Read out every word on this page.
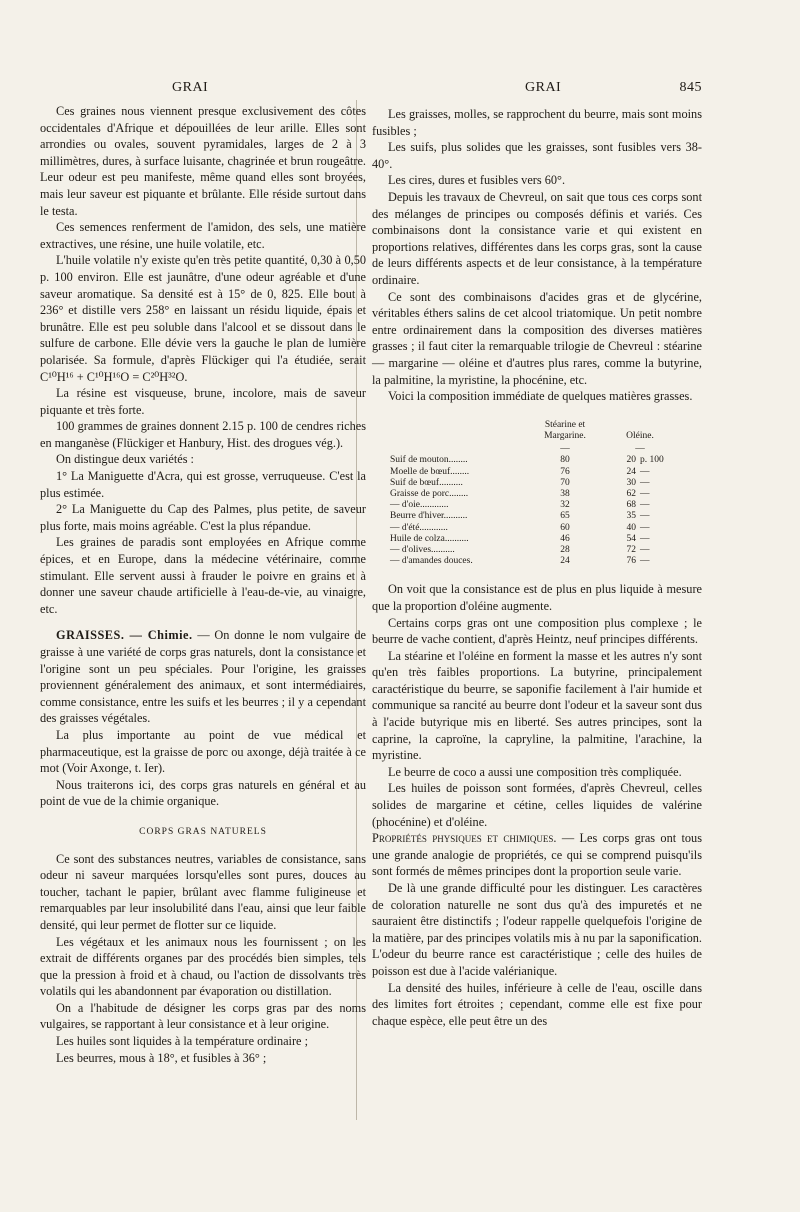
GRAI	GRAI	845

Ces graines nous viennent presque exclusivement des côtes occidentales d'Afrique et dépouillées de leur arille. Elles sont arrondies ou ovales, souvent pyramidales, larges de 2 à 3 millimètres, dures, à surface luisante, chagrinée et brun rougeâtre. Leur odeur est peu manifeste, même quand elles sont broyées, mais leur saveur est piquante et brûlante. Elle réside surtout dans le testa.

Ces semences renferment de l'amidon, des sels, une matière extractives, une résine, une huile volatile, etc.

L'huile volatile n'y existe qu'en très petite quantité, 0,30 à 0,50 p. 100 environ. Elle est jaunâtre, d'une odeur agréable et d'une saveur aromatique. Sa densité est à 15° de 0, 825. Elle bout à 236° et distille vers 258° en laissant un résidu liquide, épais et brunâtre. Elle est peu soluble dans l'alcool et se dissout dans le sulfure de carbone. Elle dévie vers la gauche le plan de lumière polarisée. Sa formule, d'après Flückiger qui l'a étudiée, serait C¹⁰H¹⁶ + C¹⁰H¹⁶O = C²⁰H³²O.

La résine est visqueuse, brune, incolore, mais de saveur piquante et très forte.

100 grammes de graines donnent 2.15 p. 100 de cendres riches en manganèse (Flückiger et Hanbury, Hist. des drogues vég.).

On distingue deux variétés :

1° La Maniguette d'Acra, qui est grosse, verruqueuse. C'est la plus estimée.

2° La Maniguette du Cap des Palmes, plus petite, de saveur plus forte, mais moins agréable. C'est la plus répandue.

Les graines de paradis sont employées en Afrique comme épices, et en Europe, dans la médecine vétérinaire, comme stimulant. Elle servent aussi à frauder le poivre en grains et à donner une saveur chaude artificielle à l'eau-de-vie, au vinaigre, etc.

GRAISSES. — Chimie. — On donne le nom vulgaire de graisse à une variété de corps gras naturels, dont la consistance et l'origine sont un peu spéciales. Pour l'origine, les graisses proviennent généralement des animaux, et sont intermédiaires, comme consistance, entre les suifs et les beurres ; il y a cependant des graisses végétales.

La plus importante au point de vue médical et pharmaceutique, est la graisse de porc ou axonge, déjà traitée à ce mot (Voir Axonge, t. Ier).

Nous traiterons ici, des corps gras naturels en général et au point de vue de la chimie organique.

CORPS GRAS NATURELS

Ce sont des substances neutres, variables de consistance, sans odeur ni saveur marquées lorsqu'elles sont pures, douces au toucher, tachant le papier, brûlant avec flamme fuligineuse et remarquables par leur insolubilité dans l'eau, ainsi que leur faible densité, qui leur permet de flotter sur ce liquide.

Les végétaux et les animaux nous les fournissent ; on les extrait de différents organes par des procédés bien simples, tels que la pression à froid et à chaud, ou l'action de dissolvants très volatils qui les abandonnent par évaporation ou distillation.

On a l'habitude de désigner les corps gras par des noms vulgaires, se rapportant à leur consistance et à leur origine.

Les huiles sont liquides à la température ordinaire ;

Les beurres, mous à 18°, et fusibles à 36° ;

Les graisses, molles, se rapprochent du beurre, mais sont moins fusibles ;

Les suifs, plus solides que les graisses, sont fusibles vers 38-40°.

Les cires, dures et fusibles vers 60°.

Depuis les travaux de Chevreul, on sait que tous ces corps sont des mélanges de principes ou composés définis et variés. Ces combinaisons dont la consistance varie et qui existent en proportions relatives, différentes dans les corps gras, sont la cause de leurs différents aspects et de leur consistance, à la température ordinaire.

Ce sont des combinaisons d'acides gras et de glycérine, véritables éthers salins de cet alcool triatomique. Un petit nombre entre ordinairement dans la composition des diverses matières grasses ; il faut citer la remarquable trilogie de Chevreul : stéarine — margarine — oléine et d'autres plus rares, comme la butyrine, la palmitine, la myristine, la phocénine, etc.

Voici la composition immédiate de quelques matières grasses.

	Stéarine et Margarine.	Oléine.	
	—	—	
Suif de mouton........	80	20	p. 100
Moelle de bœuf........	76	24	—
Suif de bœuf..........	70	30	—
Graisse de porc........	38	62	—
— d'oie............	32	68	—
Beurre d'hiver..........	65	35	—
— d'été............	60	40	—
Huile de colza..........	46	54	—
— d'olives..........	28	72	—
— d'amandes douces.	24	76	—

On voit que la consistance est de plus en plus liquide à mesure que la proportion d'oléine augmente.

Certains corps gras ont une composition plus complexe ; le beurre de vache contient, d'après Heintz, neuf principes différents.

La stéarine et l'oléine en forment la masse et les autres n'y sont qu'en très faibles proportions. La butyrine, principalement caractéristique du beurre, se saponifie facilement à l'air humide et communique sa rancité au beurre dont l'odeur et la saveur sont dus à l'acide butyrique mis en liberté. Ses autres principes, sont la caprine, la caproïne, la capryline, la palmitine, l'arachine, la myristine.

Le beurre de coco a aussi une composition très compliquée.

Les huiles de poisson sont formées, d'après Chevreul, celles solides de margarine et cétine, celles liquides de valérine (phocénine) et d'oléine.

Propriétés physiques et chimiques. — Les corps gras ont tous une grande analogie de propriétés, ce qui se comprend puisqu'ils sont formés de mêmes principes dont la proportion seule varie.

De là une grande difficulté pour les distinguer. Les caractères de coloration naturelle ne sont dus qu'à des impuretés et ne sauraient être distinctifs ; l'odeur rappelle quelquefois l'origine de la matière, par des principes volatils mis à nu par la saponification. L'odeur du beurre rance est caractéristique ; celle des huiles de poisson est due à l'acide valérianique.

La densité des huiles, inférieure à celle de l'eau, oscille dans des limites fort étroites ; cependant, comme elle est fixe pour chaque espèce, elle peut être un des
